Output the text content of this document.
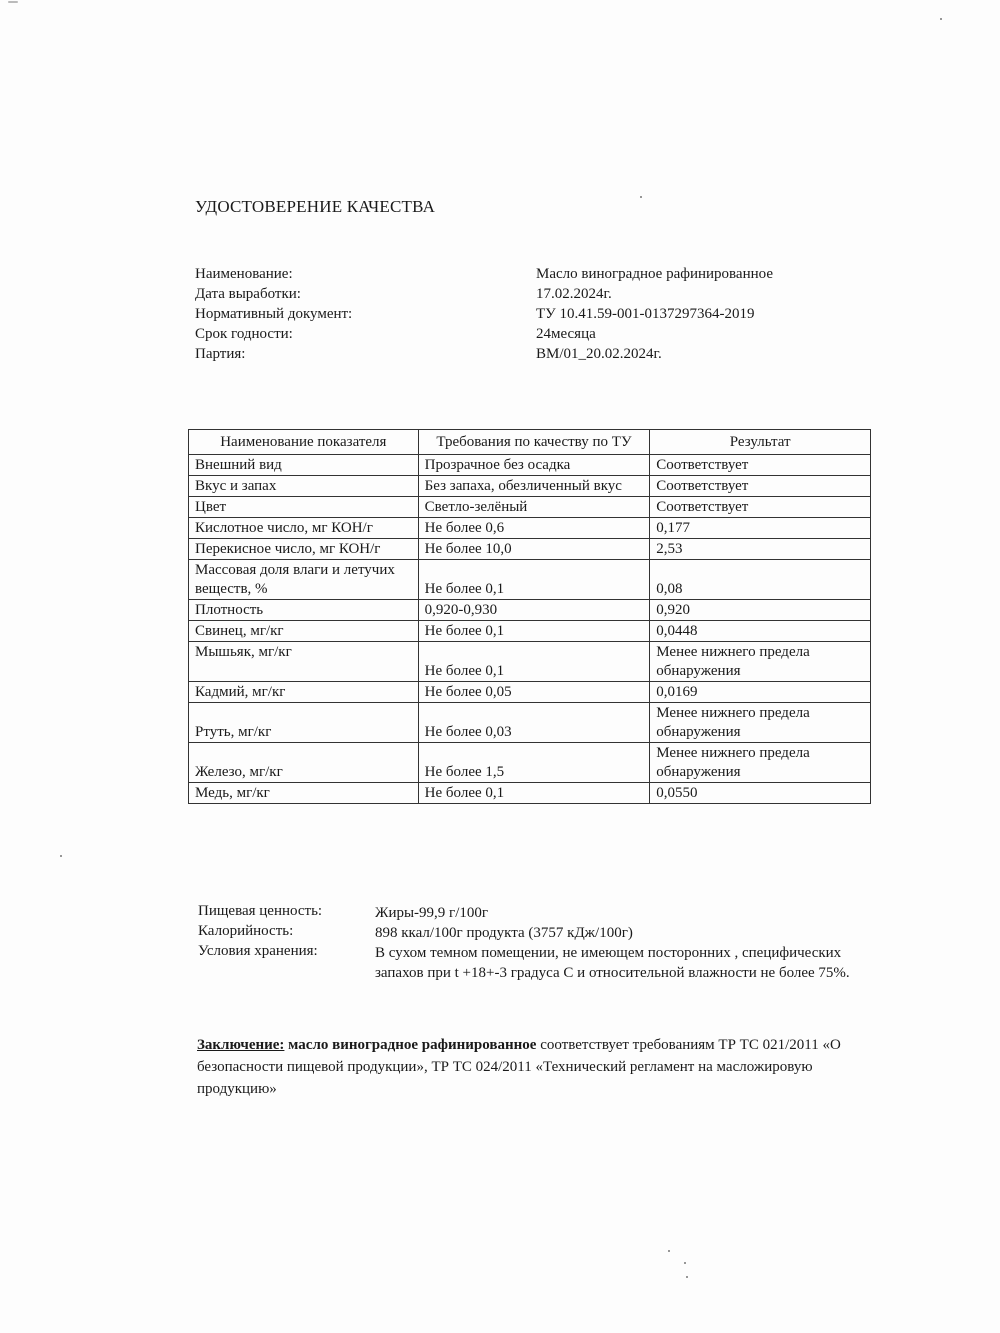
УДОСТОВЕРЕНИЕ КАЧЕСТВА
Наименование:	Масло виноградное рафинированное
Дата выработки:	17.02.2024г.
Нормативный документ:	ТУ 10.41.59-001-0137297364-2019
Срок годности:	24месяца
Партия:	ВМ/01_20.02.2024г.
Наименование показателя	Требования по качеству по ТУ	Результат
Внешний вид	Прозрачное без осадка	Соответствует
Вкус и запах	Без запаха, обезличенный вкус	Соответствует
Цвет	Светло-зелёный	Соответствует
Кислотное число, мг КОН/г	Не более 0,6	0,177
Перекисное число, мг КОН/г	Не более 10,0	2,53
Массовая доля влаги и летучих веществ, %	Не более 0,1	0,08
Плотность	0,920-0,930	0,920
Свинец, мг/кг	Не более 0,1	0,0448
Мышьяк, мг/кг	Не более 0,1	Менее нижнего предела обнаружения
Кадмий, мг/кг	Не более 0,05	0,0169
Ртуть, мг/кг	Не более 0,03	Менее нижнего предела обнаружения
Железо, мг/кг	Не более 1,5	Менее нижнего предела обнаружения
Медь, мг/кг	Не более 0,1	0,0550
Пищевая ценность:	Жиры-99,9 г/100г
Калорийность:	898 ккал/100г продукта (3757 кДж/100г)
Условия хранения:	В сухом темном помещении, не имеющем посторонних , специфических запахов при t +18+-3 градуса С и относительной влажности не более 75%.
Заключение: масло виноградное рафинированное соответствует требованиям ТР ТС 021/2011 «О безопасности пищевой продукции», ТР ТС 024/2011 «Технический регламент на масложировую продукцию»
